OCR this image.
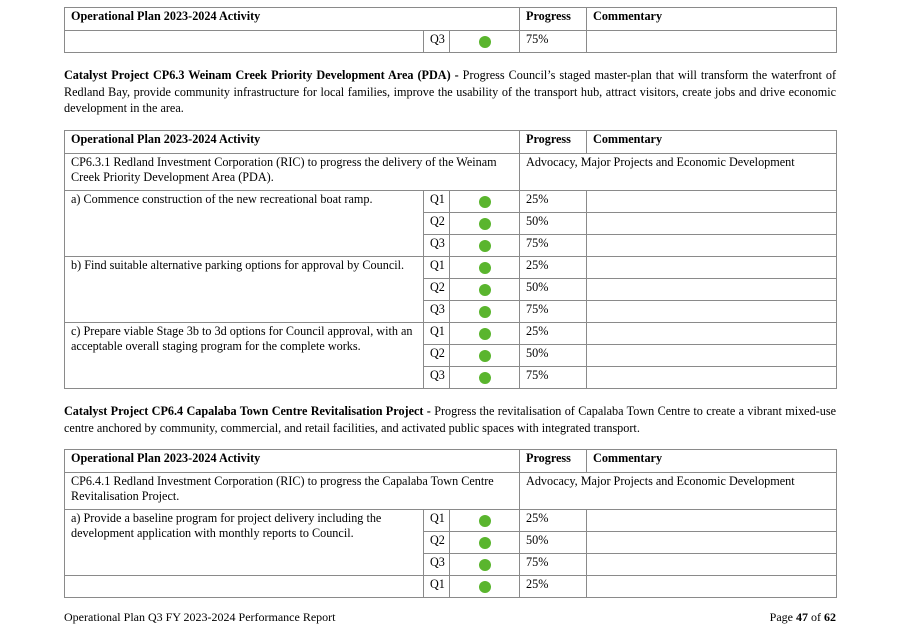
Operational Plan 2023-2024 Activity			Progress	Commentary
	Q3		75%	

Catalyst Project CP6.3 Weinam Creek Priority Development Area (PDA) - Progress Council’s staged master-plan that will transform the waterfront of Redland Bay, provide community infrastructure for local families, improve the usability of the transport hub, attract visitors, create jobs and drive economic development in the area.

Operational Plan 2023-2024 Activity			Progress	Commentary
CP6.3.1 Redland Investment Corporation (RIC) to progress the delivery of the Weinam Creek Priority Development Area (PDA).			Advocacy, Major Projects and Economic Development	
a) Commence construction of the new recreational boat ramp.	Q1		25%	
	Q2		50%	
	Q3		75%	
b) Find suitable alternative parking options for approval by Council.	Q1		25%	
	Q2		50%	
	Q3		75%	
c) Prepare viable Stage 3b to 3d options for Council approval, with an acceptable overall staging program for the complete works.	Q1		25%	
	Q2		50%	
	Q3		75%	

Catalyst Project CP6.4 Capalaba Town Centre Revitalisation Project - Progress the revitalisation of Capalaba Town Centre to create a vibrant mixed-use centre anchored by community, commercial, and retail facilities, and activated public spaces with integrated transport.

Operational Plan 2023-2024 Activity			Progress	Commentary
CP6.4.1 Redland Investment Corporation (RIC) to progress the Capalaba Town Centre Revitalisation Project.			Advocacy, Major Projects and Economic Development	
a) Provide a baseline program for project delivery including the development application with monthly reports to Council.	Q1		25%	
	Q2		50%	
	Q3		75%	
	Q1		25%	
Operational Plan Q3 FY 2023-2024 Performance Report	Page 47 of 62
